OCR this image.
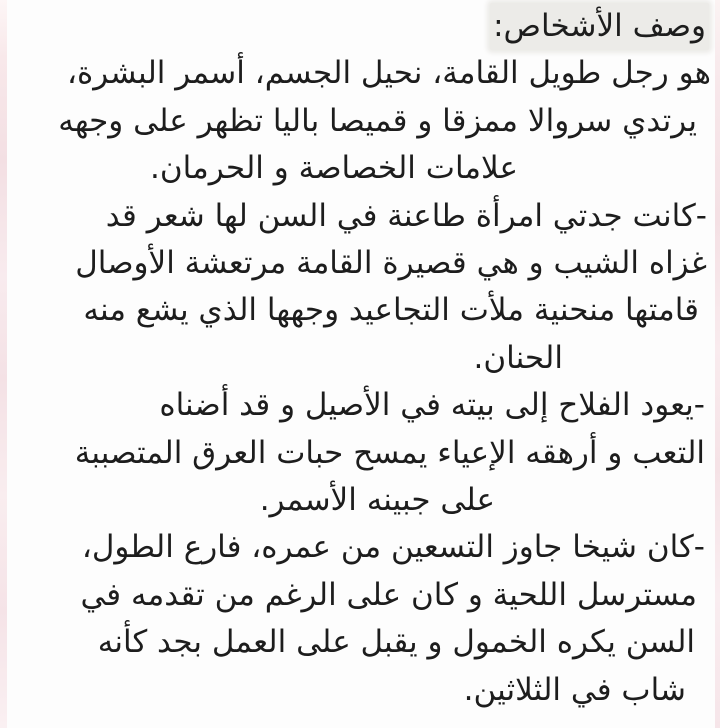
وصف الأشخاص:
هو رجل طويل القامة، نحيل الجسم، أسمر البشرة،
يرتدي سروالا ممزقا و قميصا باليا تظهر على وجهه
علامات الخصاصة و الحرمان.
-كانت جدتي امرأة طاعنة في السن لها شعر قد
غزاه الشيب و هي قصيرة القامة مرتعشة الأوصال
قامتها منحنية ملأت التجاعيد وجهها الذي يشع منه
الحنان.
-يعود الفلاح إلى بيته في الأصيل و قد أضناه
التعب و أرهقه الإعياء يمسح حبات العرق المتصببة
على جبينه الأسمر.
-كان شيخا جاوز التسعين من عمره، فارع الطول،
مسترسل اللحية و كان على الرغم من تقدمه في
السن يكره الخمول و يقبل على العمل بجد كأنه
شاب في الثلاثين.
